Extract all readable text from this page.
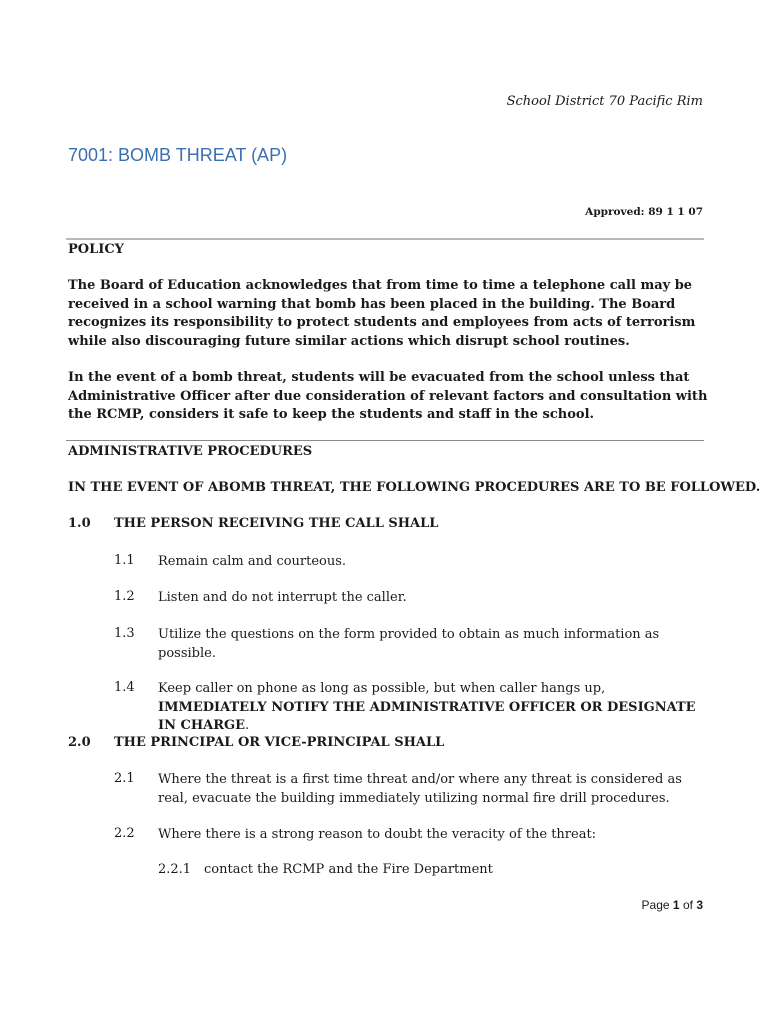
School District 70 Pacific Rim
7001: BOMB THREAT (AP)
Approved: 89 1 1 07
POLICY
The Board of Education acknowledges that from time to time a telephone call may be received in a school warning that bomb has been placed in the building. The Board recognizes its responsibility to protect students and employees from acts of terrorism while also discouraging future similar actions which disrupt school routines.
In the event of a bomb threat, students will be evacuated from the school unless that Administrative Officer after due consideration of relevant factors and consultation with the RCMP, considers it safe to keep the students and staff in the school.
ADMINISTRATIVE PROCEDURES
IN THE EVENT OF ABOMB THREAT, THE FOLLOWING PROCEDURES ARE TO BE FOLLOWED.
1.0 THE PERSON RECEIVING THE CALL SHALL
1.1 Remain calm and courteous.
1.2 Listen and do not interrupt the caller.
1.3 Utilize the questions on the form provided to obtain as much information as possible.
1.4 Keep caller on phone as long as possible, but when caller hangs up, IMMEDIATELY NOTIFY THE ADMINISTRATIVE OFFICER OR DESIGNATE IN CHARGE.
2.0 THE PRINCIPAL OR VICE-PRINCIPAL SHALL
2.1 Where the threat is a first time threat and/or where any threat is considered as real, evacuate the building immediately utilizing normal fire drill procedures.
2.2 Where there is a strong reason to doubt the veracity of the threat:
2.2.1 contact the RCMP and the Fire Department
Page 1 of 3
